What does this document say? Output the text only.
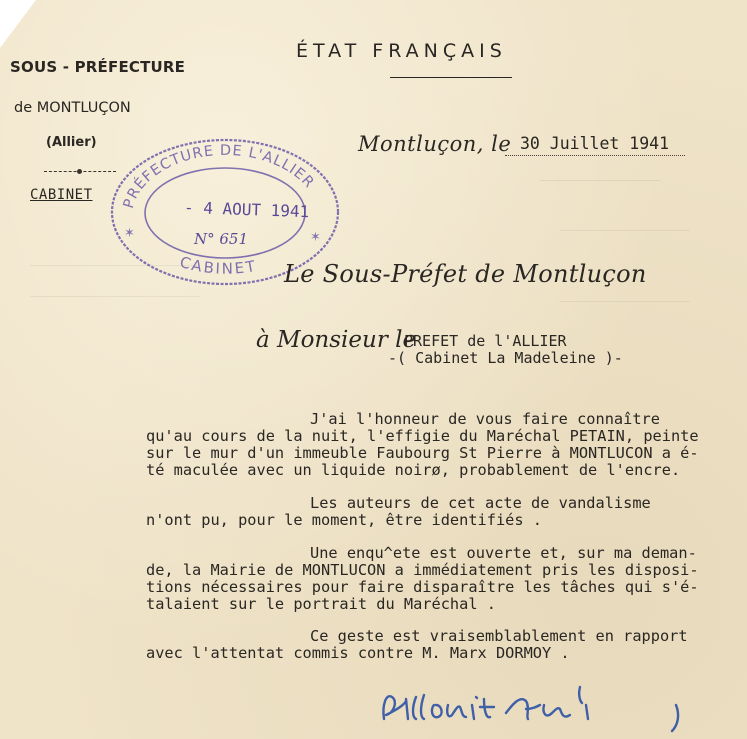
SOUS - PRÉFECTURE
de MONTLUÇON
(Allier)
CABINET
ÉTAT FRANÇAIS
Montluçon, le 30 Juillet 1941
PRÉFECTURE DE L'ALLIER
CABINET
✶	✶
- 4 AOUT 1941
N° 651
Le Sous-Préfet de Montluçon
à Monsieur le
PREFET de l'ALLIER
-( Cabinet La Madeleine )-
J'ai l'honneur de vous faire connaître
qu'au cours de la nuit, l'effigie du Maréchal PETAIN, peinte
sur le mur d'un immeuble Faubourg St Pierre à MONTLUCON a é-
té maculée avec un liquide noirø, probablement de l'encre.
Les auteurs de cet acte de vandalisme
n'ont pu, pour le moment, être identifiés .
Une enqu^ete est ouverte et, sur ma deman-
de, la Mairie de MONTLUCON a immédiatement pris les disposi-
tions nécessaires pour faire disparaître les tâches qui s'é-
talaient sur le portrait du Maréchal .
Ce geste est vraisemblablement en rapport
avec l'attentat commis contre M. Marx DORMOY .
